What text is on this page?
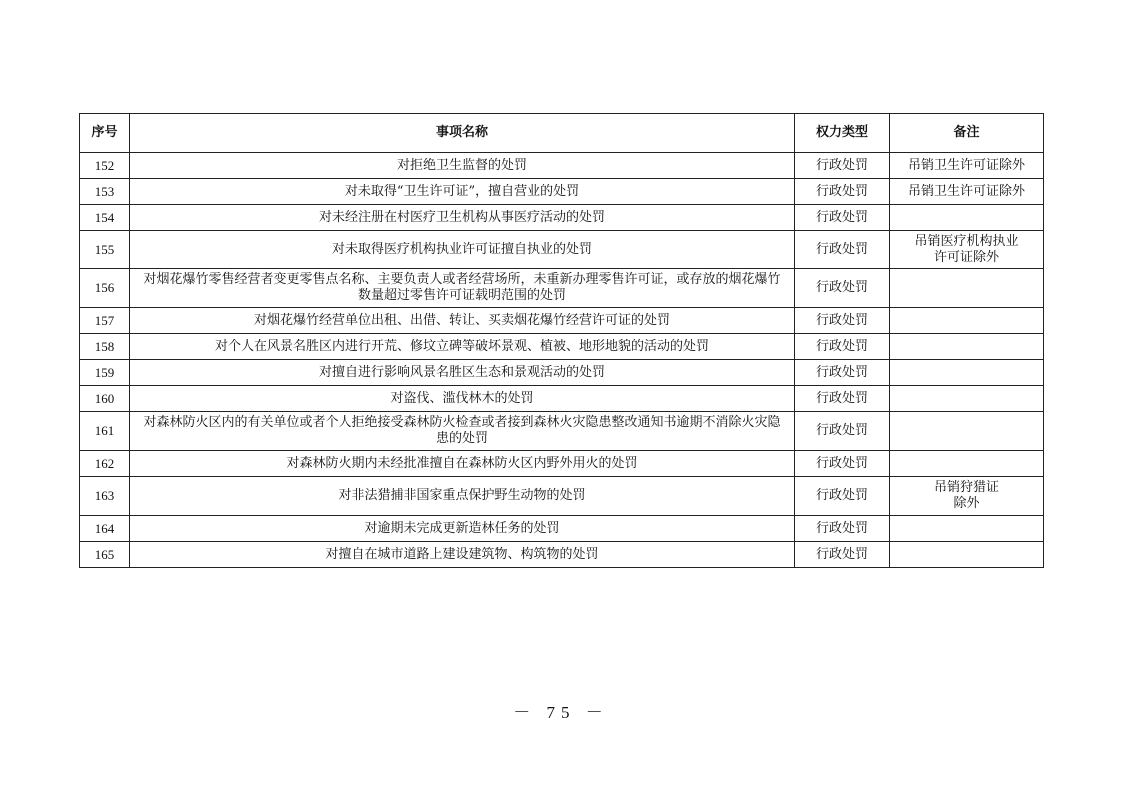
序号	事项名称	权力类型	备注
152	对拒绝卫生监督的处罚	行政处罚	吊销卫生许可证除外
153	对未取得“卫生许可证”，擅自营业的处罚	行政处罚	吊销卫生许可证除外
154	对未经注册在村医疗卫生机构从事医疗活动的处罚	行政处罚	
155	对未取得医疗机构执业许可证擅自执业的处罚	行政处罚	吊销医疗机构执业
许可证除外
156	对烟花爆竹零售经营者变更零售点名称、主要负责人或者经营场所，未重新办理零售许可证，或存放的烟花爆竹数量超过零售许可证载明范围的处罚	行政处罚	
157	对烟花爆竹经营单位出租、出借、转让、买卖烟花爆竹经营许可证的处罚	行政处罚	
158	对个人在风景名胜区内进行开荒、修坟立碑等破坏景观、植被、地形地貌的活动的处罚	行政处罚	
159	对擅自进行影响风景名胜区生态和景观活动的处罚	行政处罚	
160	对盗伐、滥伐林木的处罚	行政处罚	
161	对森林防火区内的有关单位或者个人拒绝接受森林防火检查或者接到森林火灾隐患整改通知书逾期不消除火灾隐患的处罚	行政处罚	
162	对森林防火期内未经批准擅自在森林防火区内野外用火的处罚	行政处罚	
163	对非法猎捕非国家重点保护野生动物的处罚	行政处罚	吊销狩猎证
除外
164	对逾期未完成更新造林任务的处罚	行政处罚	
165	对擅自在城市道路上建设建筑物、构筑物的处罚	行政处罚	
－ 75 －
